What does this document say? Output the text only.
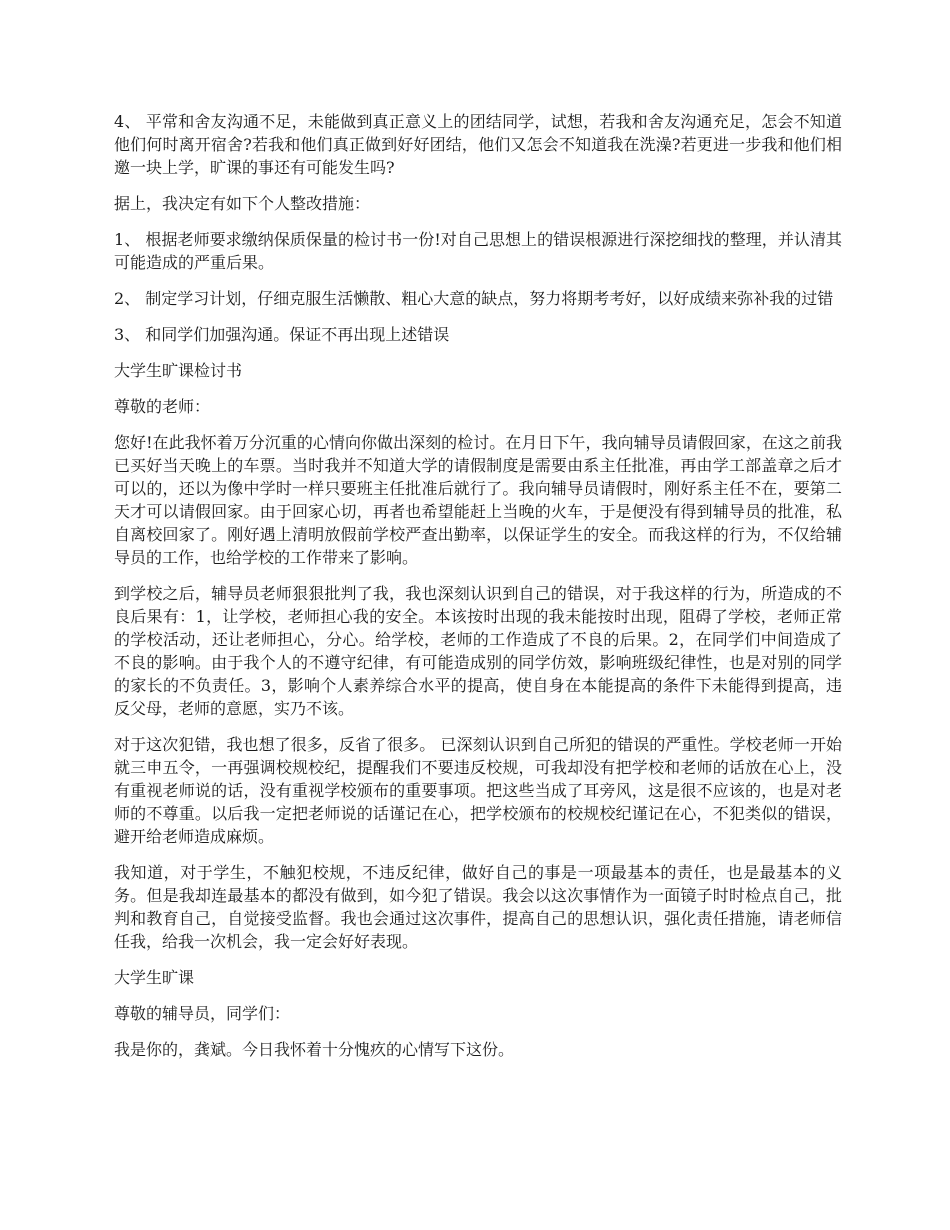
4、 平常和舍友沟通不足，未能做到真正意义上的团结同学，试想，若我和舍友沟通充足，怎会不知道他们何时离开宿舍?若我和他们真正做到好好团结，他们又怎会不知道我在洗澡?若更进一步我和他们相邀一块上学，旷课的事还有可能发生吗?

据上，我决定有如下个人整改措施：

1、 根据老师要求缴纳保质保量的检讨书一份!对自己思想上的错误根源进行深挖细找的整理，并认清其可能造成的严重后果。

2、 制定学习计划，仔细克服生活懒散、粗心大意的缺点，努力将期考考好，以好成绩来弥补我的过错

3、 和同学们加强沟通。保证不再出现上述错误

大学生旷课检讨书

尊敬的老师：

您好!在此我怀着万分沉重的心情向你做出深刻的检讨。在月日下午，我向辅导员请假回家，在这之前我已买好当天晚上的车票。当时我并不知道大学的请假制度是需要由系主任批准，再由学工部盖章之后才可以的，还以为像中学时一样只要班主任批准后就行了。我向辅导员请假时，刚好系主任不在，要第二天才可以请假回家。由于回家心切，再者也希望能赶上当晚的火车，于是便没有得到辅导员的批准，私自离校回家了。刚好遇上清明放假前学校严查出勤率，以保证学生的安全。而我这样的行为，不仅给辅导员的工作，也给学校的工作带来了影响。

到学校之后，辅导员老师狠狠批判了我，我也深刻认识到自己的错误，对于我这样的行为，所造成的不良后果有：1，让学校，老师担心我的安全。本该按时出现的我未能按时出现，阻碍了学校，老师正常的学校活动，还让老师担心，分心。给学校，老师的工作造成了不良的后果。2，在同学们中间造成了不良的影响。由于我个人的不遵守纪律，有可能造成别的同学仿效，影响班级纪律性，也是对别的同学的家长的不负责任。3，影响个人素养综合水平的提高，使自身在本能提高的条件下未能得到提高，违反父母，老师的意愿，实乃不该。

对于这次犯错，我也想了很多，反省了很多。 已深刻认识到自己所犯的错误的严重性。学校老师一开始就三申五令，一再强调校规校纪，提醒我们不要违反校规，可我却没有把学校和老师的话放在心上，没有重视老师说的话，没有重视学校颁布的重要事项。把这些当成了耳旁风，这是很不应该的，也是对老师的不尊重。以后我一定把老师说的话谨记在心，把学校颁布的校规校纪谨记在心，不犯类似的错误，避开给老师造成麻烦。

我知道，对于学生，不触犯校规，不违反纪律，做好自己的事是一项最基本的责任，也是最基本的义务。但是我却连最基本的都没有做到，如今犯了错误。我会以这次事情作为一面镜子时时检点自己，批判和教育自己，自觉接受监督。我也会通过这次事件，提高自己的思想认识，强化责任措施，请老师信任我，给我一次机会，我一定会好好表现。

大学生旷课

尊敬的辅导员，同学们：

我是你的，龚斌。今日我怀着十分愧疚的心情写下这份。
